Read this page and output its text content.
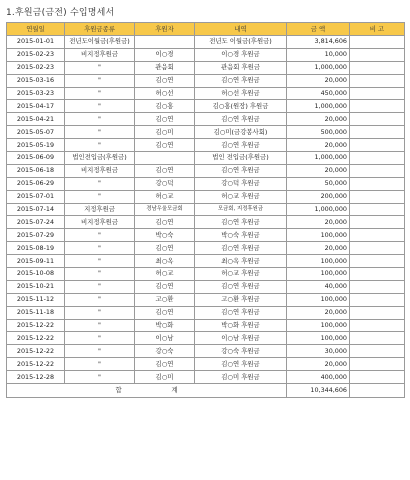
1.후원금(금전) 수입명세서
연월일	후원금종류	후원자	내역	금 액	비 고
2015-01-01	전년도이월금(후원금)		전년도 이월금(후원금)	3,814,606	
2015-02-23	비지정후원금	이○경	이○경 후원금	10,000	
2015-02-23	"	관음회	관음회 후원금	1,000,000	
2015-03-16	"	김○연	김○연 후원금	20,000	
2015-03-23	"	허○선	허○선 후원금	450,000	
2015-04-17	"	김○홍	김○홍(원장) 후원금	1,000,000	
2015-04-21	"	김○연	김○연 후원금	20,000	
2015-05-07	"	김○미	김○미(금강봉사회)	500,000	
2015-05-19	"	김○연	김○연 후원금	20,000	
2015-06-09	법인전입금(후원금)		법인 전입금(후원금)	1,000,000	
2015-06-18	비지정후원금	김○연	김○연 후원금	20,000	
2015-06-29	"	강○덕	강○덕 후원금	50,000	
2015-07-01	"	허○교	허○교 후원금	200,000	
2015-07-14	지정후원금	경남우울모금회	모금회, 지정후원금	1,000,000	
2015-07-24	비지정후원금	김○연	김○연 후원금	20,000	
2015-07-29	"	박○숙	박○숙 후원금	100,000	
2015-08-19	"	김○연	김○연 후원금	20,000	
2015-09-11	"	최○옥	최○옥 후원금	100,000	
2015-10-08	"	허○교	허○교 후원금	100,000	
2015-10-21	"	김○연	김○연 후원금	40,000	
2015-11-12	"	고○환	고○환 후원금	100,000	
2015-11-18	"	김○연	김○연 후원금	20,000	
2015-12-22	"	박○화	박○화 후원금	100,000	
2015-12-22	"	이○남	이○남 후원금	100,000	
2015-12-22	"	강○숙	강○숙 후원금	30,000	
2015-12-22	"	김○연	김○연 후원금	20,000	
2015-12-28	"	김○미	김○미 후원금	400,000	
합 계				10,344,606	
